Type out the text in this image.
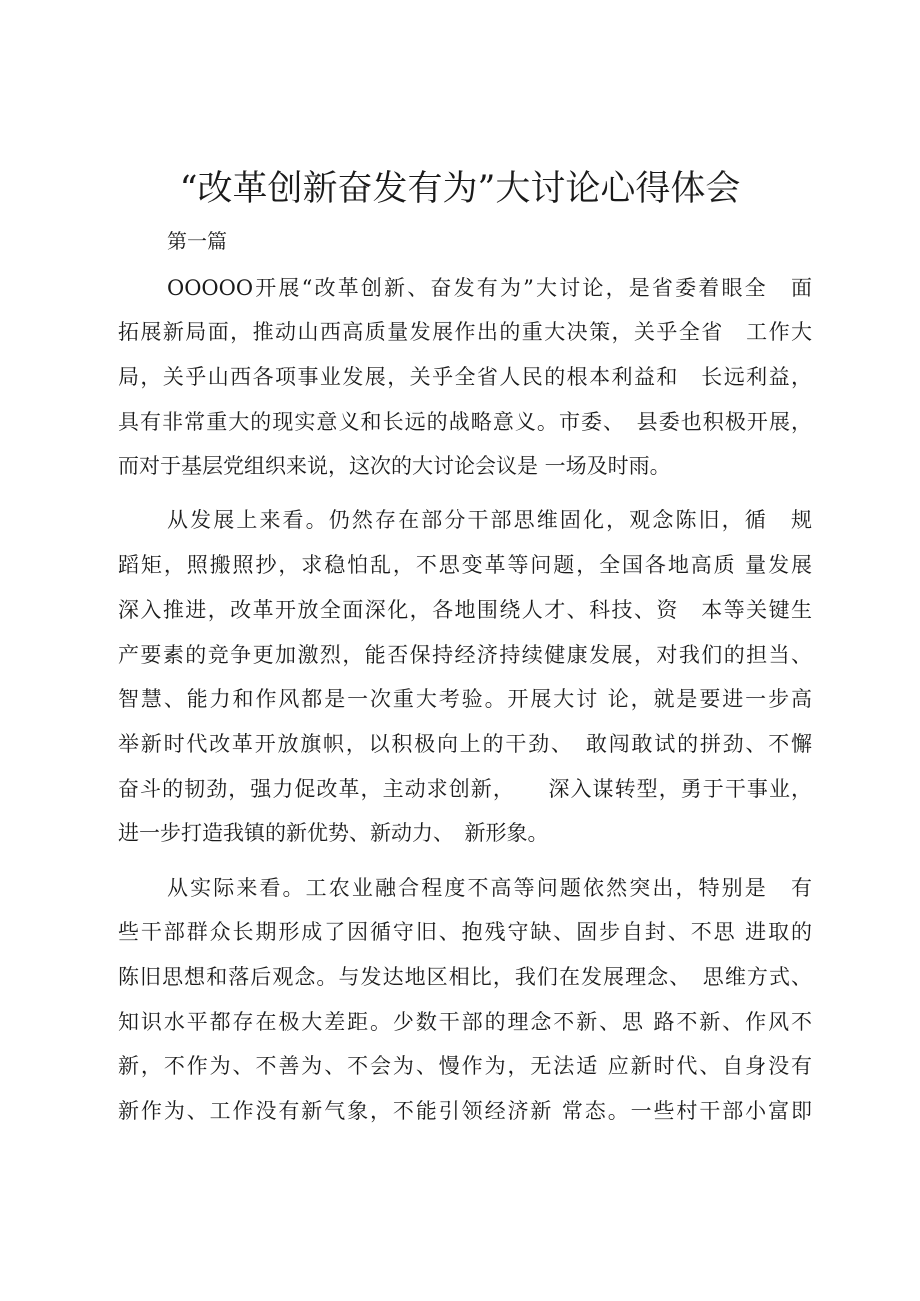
“改革创新奋发有为”大讨论心得体会
第一篇
OOOOO开展“改革创新、奋发有为”大讨论，是省委着眼全　面
拓展新局面，推动山西高质量发展作出的重大决策，关乎全省　工作大
局，关乎山西各项事业发展，关乎全省人民的根本利益和　长远利益，
具有非常重大的现实意义和长远的战略意义。市委、　县委也积极开展，
而对于基层党组织来说，这次的大讨论会议是 一场及时雨。
从发展上来看。仍然存在部分干部思维固化，观念陈旧，循　规
蹈矩，照搬照抄，求稳怕乱，不思变革等问题，全国各地高质 量发展
深入推进，改革开放全面深化，各地围绕人才、科技、资　本等关键生
产要素的竞争更加激烈，能否保持经济持续健康发展，对我们的担当、
智慧、能力和作风都是一次重大考验。开展大讨 论，就是要进一步高
举新时代改革开放旗帜，以积极向上的干劲、　敢闯敢试的拼劲、不懈
奋斗的韧劲，强力促改革，主动求创新，　　深入谋转型，勇于干事业，
进一步打造我镇的新优势、新动力、　新形象。
从实际来看。工农业融合程度不高等问题依然突出，特别是　有
些干部群众长期形成了因循守旧、抱残守缺、固步自封、不思 进取的
陈旧思想和落后观念。与发达地区相比，我们在发展理念、　思维方式、
知识水平都存在极大差距。少数干部的理念不新、思 路不新、作风不
新，不作为、不善为、不会为、慢作为，无法适 应新时代、自身没有
新作为、工作没有新气象，不能引领经济新 常态。一些村干部小富即
